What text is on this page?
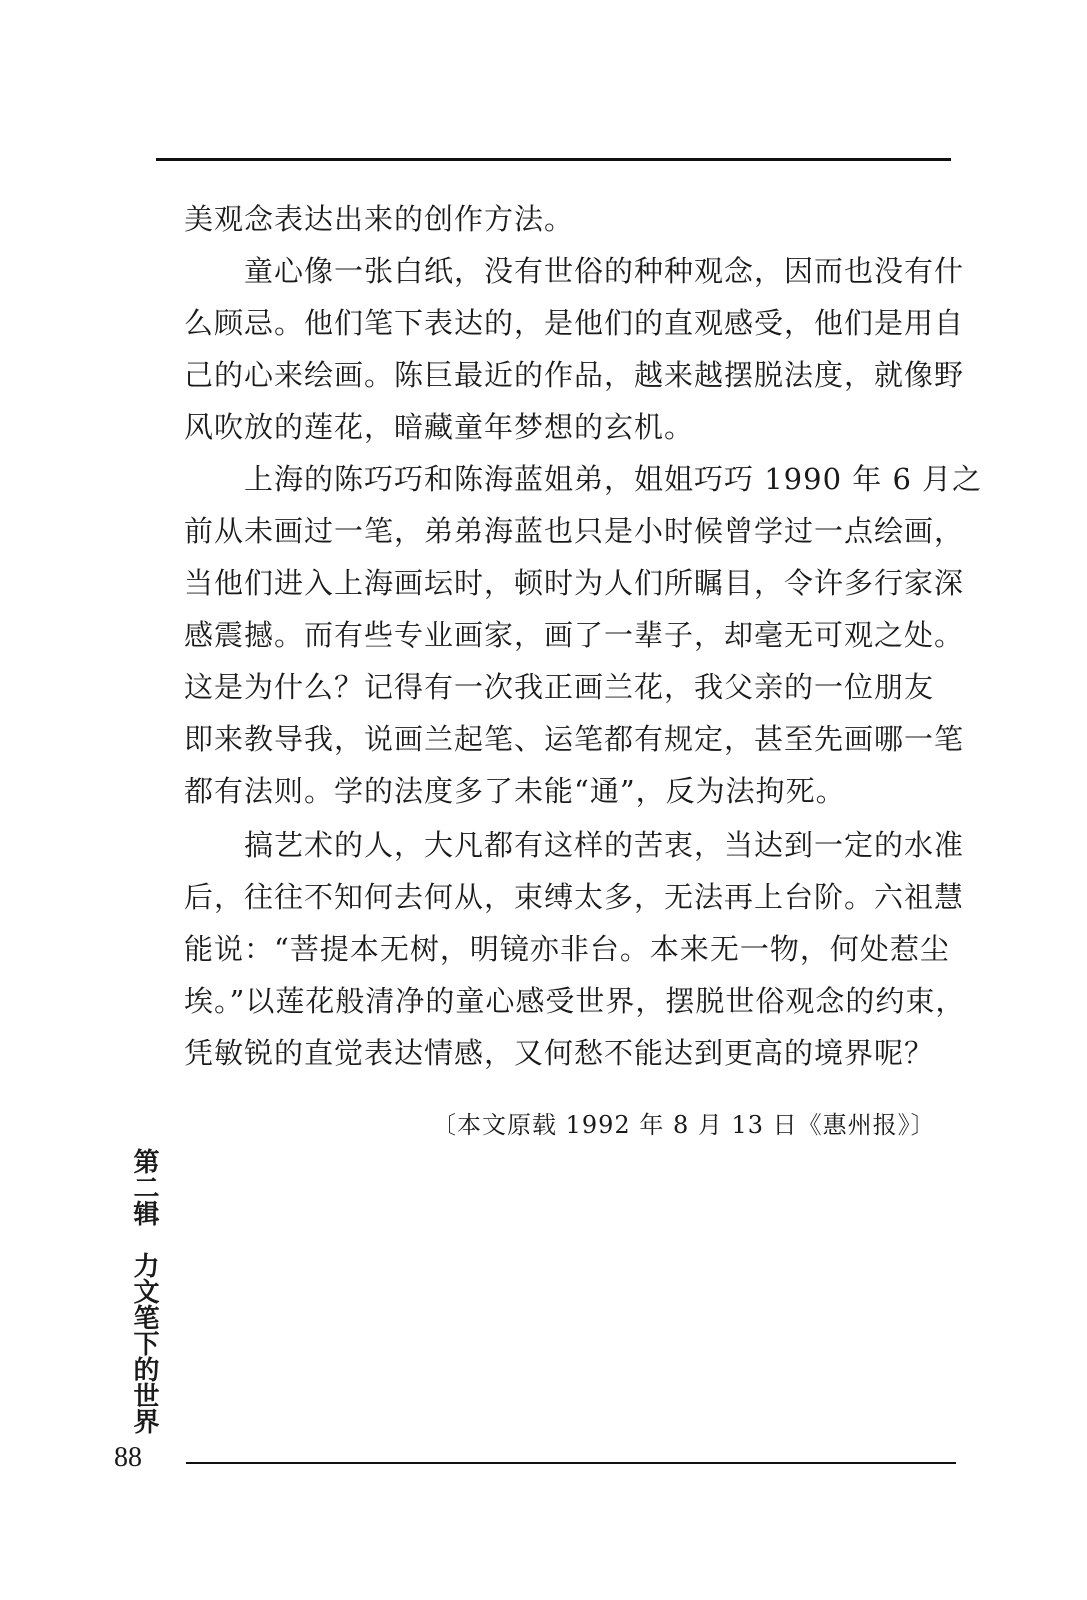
美观念表达出来的创作方法。
　　童心像一张白纸，没有世俗的种种观念，因而也没有什
么顾忌。他们笔下表达的，是他们的直观感受，他们是用自
己的心来绘画。陈巨最近的作品，越来越摆脱法度，就像野
风吹放的莲花，暗藏童年梦想的玄机。
　　上海的陈巧巧和陈海蓝姐弟，姐姐巧巧 1990 年 6 月之
前从未画过一笔，弟弟海蓝也只是小时候曾学过一点绘画，
当他们进入上海画坛时，顿时为人们所瞩目，令许多行家深
感震撼。而有些专业画家，画了一辈子，却毫无可观之处。
这是为什么？记得有一次我正画兰花，我父亲的一位朋友
即来教导我，说画兰起笔、运笔都有规定，甚至先画哪一笔
都有法则。学的法度多了未能“通”，反为法拘死。
　　搞艺术的人，大凡都有这样的苦衷，当达到一定的水准
后，往往不知何去何从，束缚太多，无法再上台阶。六祖慧
能说：“菩提本无树，明镜亦非台。本来无一物，何处惹尘
埃。”以莲花般清净的童心感受世界，摆脱世俗观念的约束，
凭敏锐的直觉表达情感，又何愁不能达到更高的境界呢？
〔本文原载 1992 年 8 月 13 日《惠州报》〕
第二辑　力文笔下的世界
88
